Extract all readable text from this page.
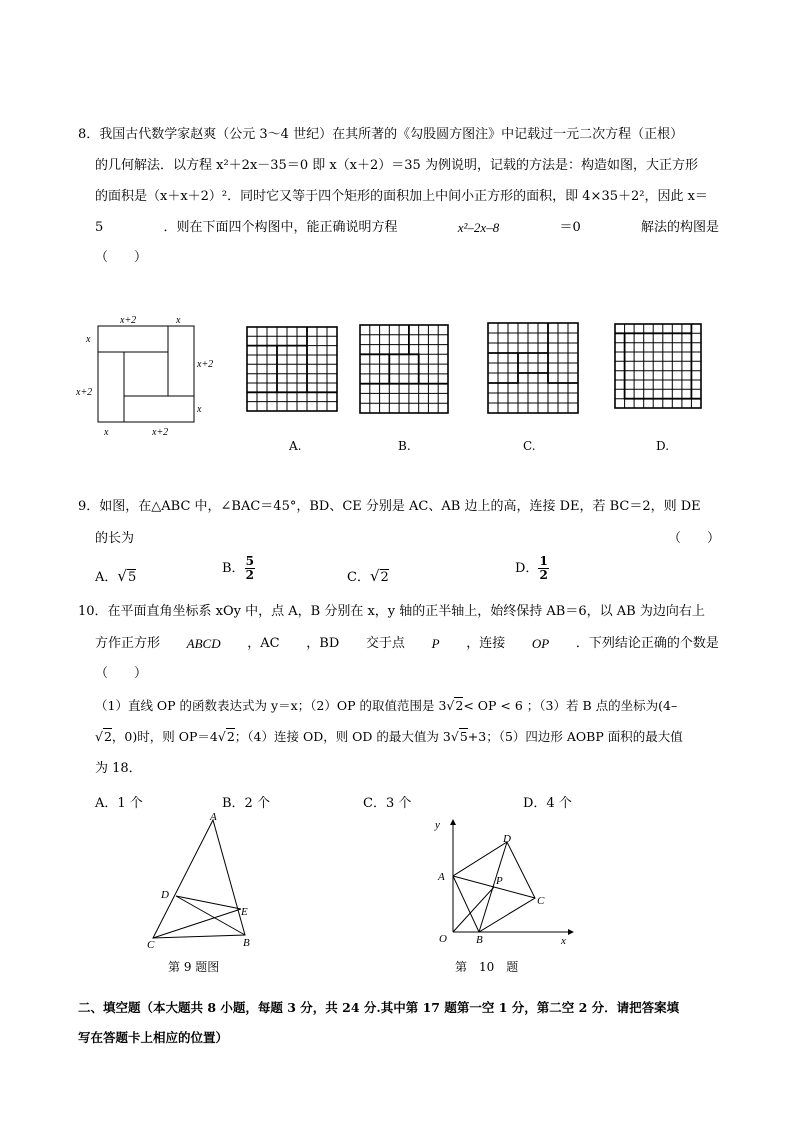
8．我国古代数学家赵爽（公元 3～4 世纪）在其所著的《勾股圆方图注》中记载过一元二次方程（正根）
的几何解法．以方程 x²＋2x－35＝0 即 x（x＋2）＝35 为例说明，记载的方法是：构造如图，大正方形
的面积是（x＋x＋2）²．同时它又等于四个矩形的面积加上中间小正方形的面积，即 4×35＋2²，因此 x＝
5	．则在下面四个构图中，能正确说明方程	x²–2x–8	＝0	解法的构图是
（　　）
x+2	x
x
x+2
x+2
x
x	x+2
A.	B.	C.	D.
9．如图，在△ABC 中，∠BAC＝45°，BD、CE 分别是 AC、AB 边上的高，连接 DE，若 BC＝2，则 DE
的长为	（　　）
A．√5
B． $\frac{5}{2}$	C．√2
D． $\frac{1}{2}$
10．在平面直角坐标系 xOy 中，点 A，B 分别在 x，y 轴的正半轴上，始终保持 AB＝6，以 AB 为边向右上
方作正方形 ABCD ，AC ，BD 交于点 P ，连接 OP ．下列结论正确的个数是
（　　）
（1）直线 OP 的函数表达式为 y＝x；（2）OP 的取值范围是 3√2< OP < 6 ；（3）若 B 点的坐标为(4–
√2，0)时，则 OP＝4√2；（4）连接 OD，则 OD 的最大值为 3√5+3；（5）四边形 AOBP 面积的最大值
为 18．
A．1 个	B．2 个	C．3 个	D．4 个
A
D
E
C	B
第 9 题图
y
D
A	P
C
O	B	x
第　10　题
二、填空题（本大题共 8 小题，每题 3 分，共 24 分.其中第 17 题第一空 1 分，第二空 2 分．请把答案填
写在答题卡上相应的位置）
